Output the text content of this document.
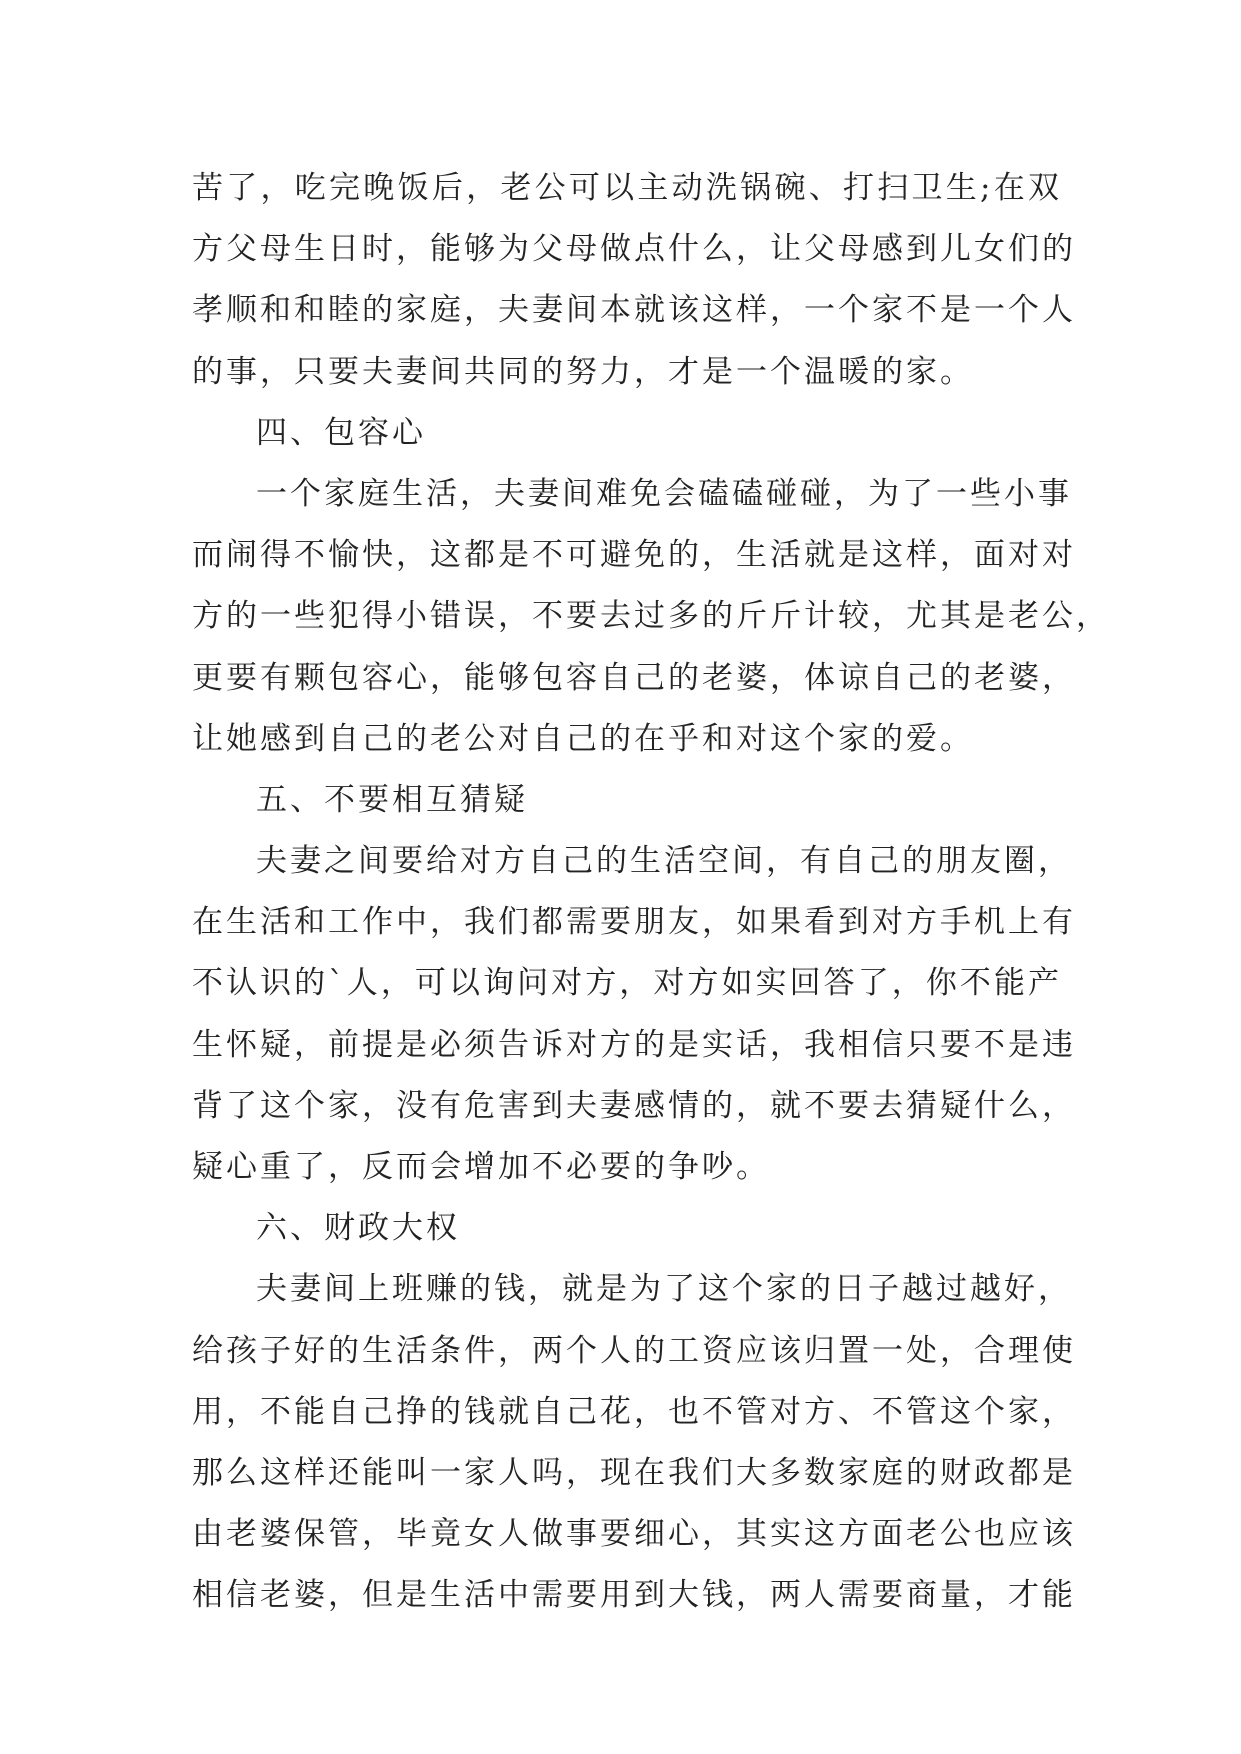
苦了，吃完晚饭后，老公可以主动洗锅碗、打扫卫生;在双
方父母生日时，能够为父母做点什么，让父母感到儿女们的
孝顺和和睦的家庭，夫妻间本就该这样，一个家不是一个人
的事，只要夫妻间共同的努力，才是一个温暖的家。
四、包容心
一个家庭生活，夫妻间难免会磕磕碰碰，为了一些小事
而闹得不愉快，这都是不可避免的，生活就是这样，面对对
方的一些犯得小错误，不要去过多的斤斤计较，尤其是老公，
更要有颗包容心，能够包容自己的老婆，体谅自己的老婆，
让她感到自己的老公对自己的在乎和对这个家的爱。
五、不要相互猜疑
夫妻之间要给对方自己的生活空间，有自己的朋友圈，
在生活和工作中，我们都需要朋友，如果看到对方手机上有
不认识的`人，可以询问对方，对方如实回答了，你不能产
生怀疑，前提是必须告诉对方的是实话，我相信只要不是违
背了这个家，没有危害到夫妻感情的，就不要去猜疑什么，
疑心重了，反而会增加不必要的争吵。
六、财政大权
夫妻间上班赚的钱，就是为了这个家的日子越过越好，
给孩子好的生活条件，两个人的工资应该归置一处，合理使
用，不能自己挣的钱就自己花，也不管对方、不管这个家，
那么这样还能叫一家人吗，现在我们大多数家庭的财政都是
由老婆保管，毕竟女人做事要细心，其实这方面老公也应该
相信老婆，但是生活中需要用到大钱，两人需要商量，才能
